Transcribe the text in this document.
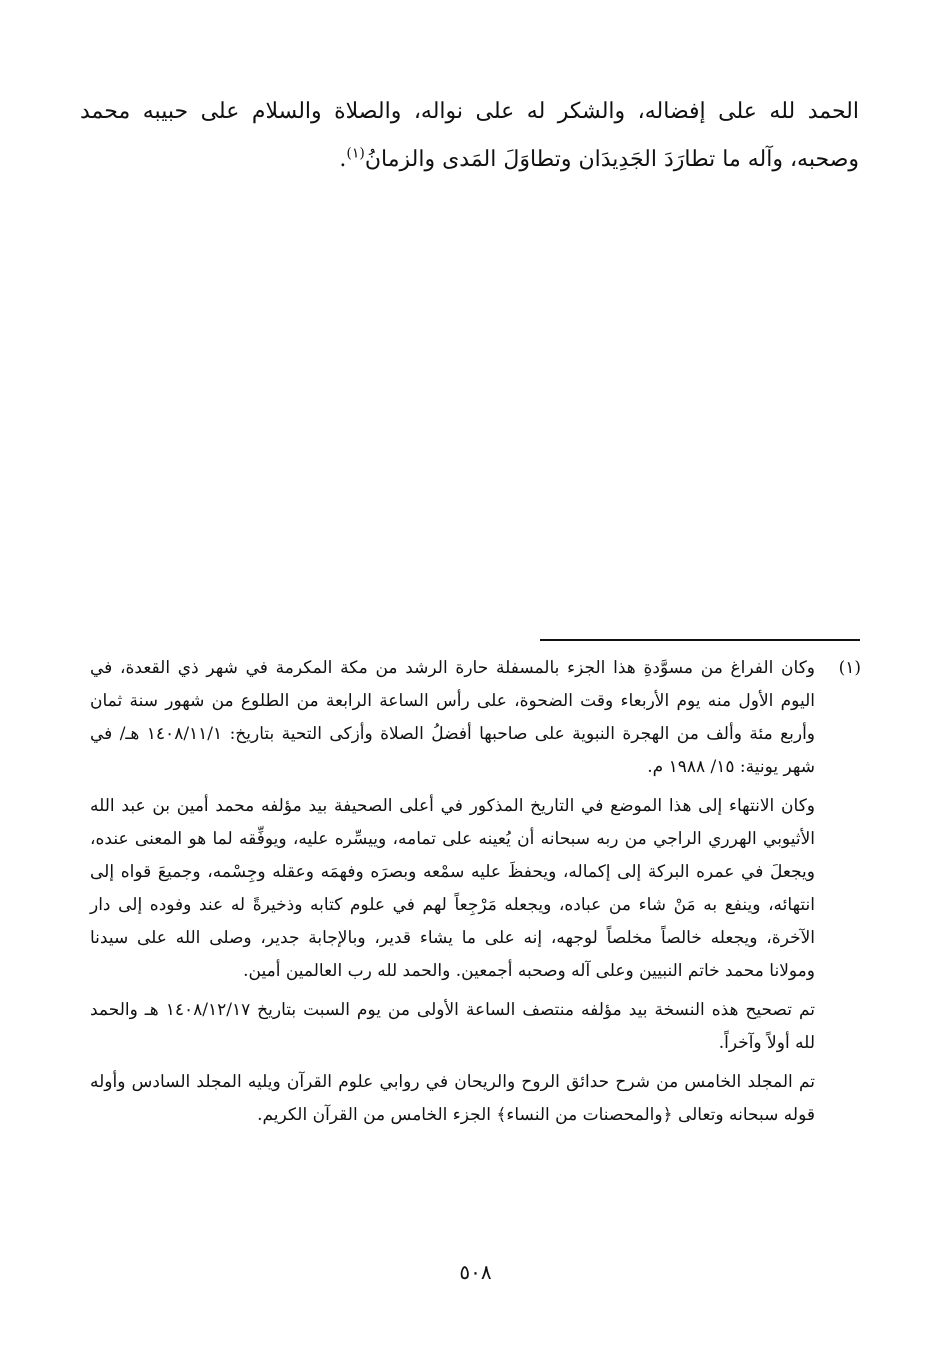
الحمد لله على إفضاله، والشكر له على نواله، والصلاة والسلام على حبيبه محمد وصحبه، وآله ما تطارَدَ الجَدِيدَان وتطاوَلَ المَدى والزمانُ$^{(١)}$.

(١)

وكان الفراغ من مسوَّدةِ هذا الجزء بالمسفلة حارة الرشد من مكة المكرمة في شهر ذي القعدة، في اليوم الأول منه يوم الأربعاء وقت الضحوة، على رأس الساعة الرابعة من الطلوع من شهور سنة ثمان وأربع مئة وألف من الهجرة النبوية على صاحبها أفضلُ الصلاة وأزكى التحية بتاريخ: ١٤٠٨/١١/١ هـ/ في شهر يونية: ١٥/ ١٩٨٨ م.

وكان الانتهاء إلى هذا الموضع في التاريخ المذكور في أعلى الصحيفة بيد مؤلفه محمد أمين بن عبد الله الأثيوبي الهرري الراجي من ربه سبحانه أن يُعينه على تمامه، وييسِّره عليه، ويوفِّقه لما هو المعنى عنده، ويجعلَ في عمره البركة إلى إكماله، ويحفظَ عليه سمْعه وبصرَه وفهمَه وعقله وجِسْمه، وجميعَ قواه إلى انتهائه، وينفع به مَنْ شاء من عباده، ويجعله مَرْجِعاً لهم في علوم كتابه وذخيرةً له عند وفوده إلى دار الآخرة، ويجعله خالصاً مخلصاً لوجهه، إنه على ما يشاء قدير، وبالإجابة جدير، وصلى الله على سيدنا ومولانا محمد خاتم النبيين وعلى آله وصحبه أجمعين. والحمد لله رب العالمين أمين.

تم تصحيح هذه النسخة بيد مؤلفه منتصف الساعة الأولى من يوم السبت بتاريخ ١٤٠٨/١٢/١٧ هـ والحمد لله أولاً وآخراً.

تم المجلد الخامس من شرح حدائق الروح والريحان في روابي علوم القرآن ويليه المجلد السادس وأوله قوله سبحانه وتعالى ﴿والمحصنات من النساء﴾ الجزء الخامس من القرآن الكريم.

٥٠٨
